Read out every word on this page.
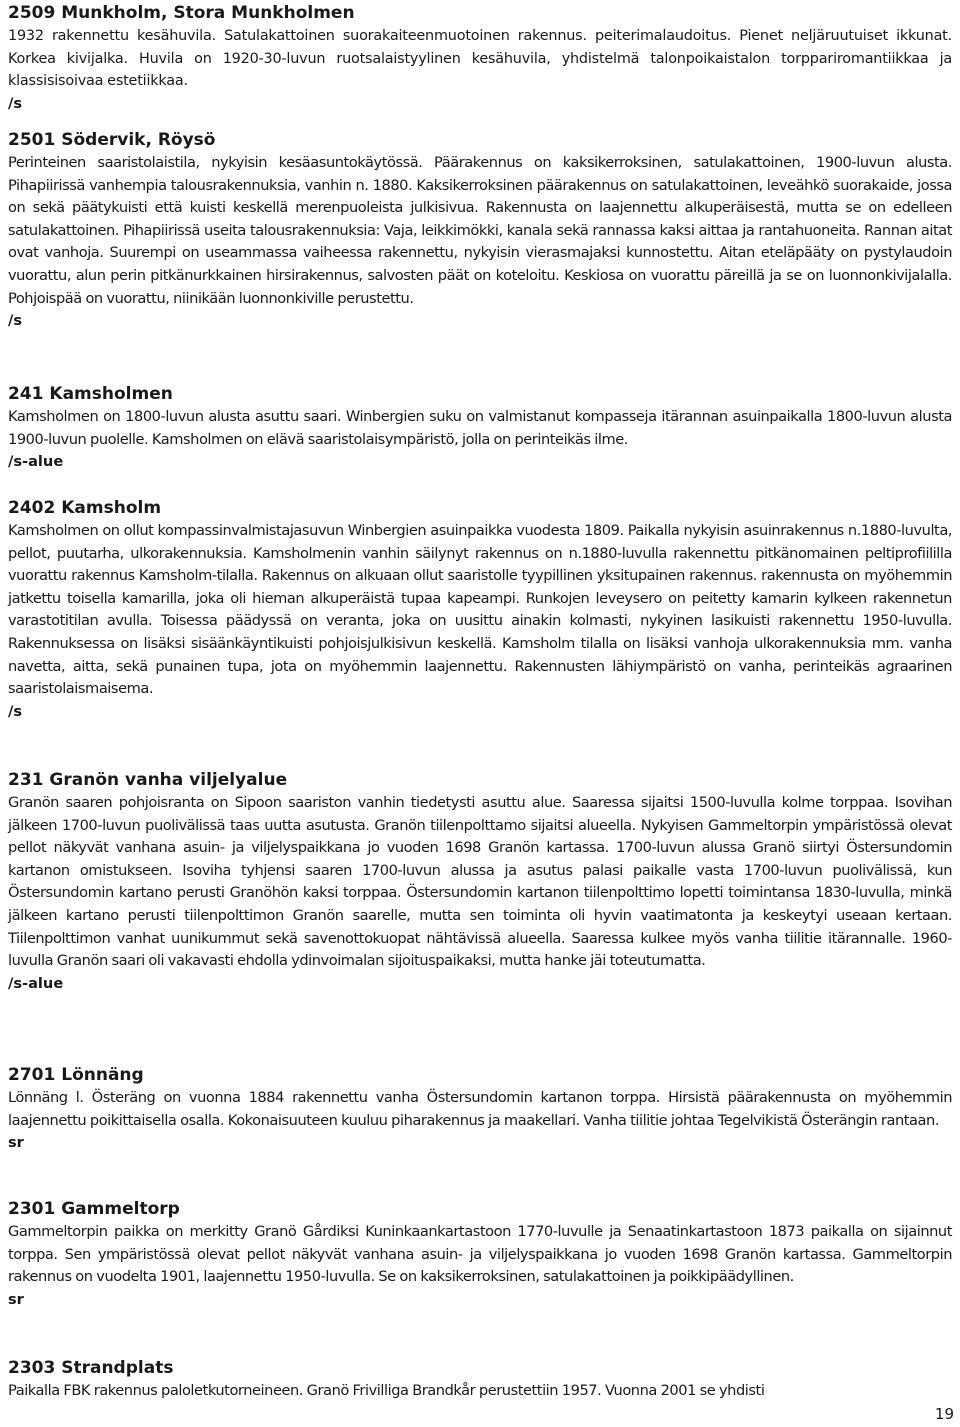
2509 Munkholm, Stora Munkholmen
1932 rakennettu kesähuvila. Satulakattoinen suorakaiteenmuotoinen rakennus. peiterimalaudoitus. Pienet neljäruutuiset ikkunat. Korkea kivijalka. Huvila on 1920-30-luvun ruotsalaistyylinen kesähuvila, yhdistelmä talonpoikaistalon torppariromantiikkaa ja klassisisoivaa estetiikkaa.
/s
2501 Södervik, Röysö
Perinteinen saaristolaistila, nykyisin kesäasuntokäytössä. Päärakennus on kaksikerroksinen, satulakattoinen, 1900-luvun alusta. Pihapiirissä vanhempia talousrakennuksia, vanhin n. 1880. Kaksikerroksinen päärakennus on satulakattoinen, leveähkö suorakaide, jossa on sekä päätykuisti että kuisti keskellä merenpuoleista julkisivua. Rakennusta on laajennettu alkuperäisestä, mutta se on edelleen satulakattoinen. Pihapiirissä useita talousrakennuksia: Vaja, leikkimökki, kanala sekä rannassa kaksi aittaa ja rantahuoneita. Rannan aitat ovat vanhoja. Suurempi on useammassa vaiheessa rakennettu, nykyisin vierasmajaksi kunnostettu. Aitan eteläpääty on pystylaudoin vuorattu, alun perin pitkänurkkainen hirsirakennus, salvosten päät on koteloitu. Keskiosa on vuorattu päreillä ja se on luonnonkivijalalla. Pohjoispää on vuorattu, niinikään luonnonkiville perustettu.
/s
241 Kamsholmen
Kamsholmen on 1800-luvun alusta asuttu saari. Winbergien suku on valmistanut kompasseja itärannan asuinpaikalla 1800-luvun alusta 1900-luvun puolelle. Kamsholmen on elävä saaristolaisympäristö, jolla on perinteikäs ilme.
/s-alue
2402 Kamsholm
Kamsholmen on ollut kompassinvalmistajasuvun Winbergien asuinpaikka vuodesta 1809. Paikalla nykyisin asuinrakennus n.1880-luvulta, pellot, puutarha, ulkorakennuksia. Kamsholmenin vanhin säilynyt rakennus on n.1880-luvulla rakennettu pitkänomainen peltiprofiililla vuorattu rakennus Kamsholm-tilalla. Rakennus on alkuaan ollut saaristolle tyypillinen yksitupainen rakennus. rakennusta on myöhemmin jatkettu toisella kamarilla, joka oli hieman alkuperäistä tupaa kapeampi. Runkojen leveysero on peitetty kamarin kylkeen rakennetun varastotitilan avulla. Toisessa päädyssä on veranta, joka on uusittu ainakin kolmasti, nykyinen lasikuisti rakennettu 1950-luvulla. Rakennuksessa on lisäksi sisäänkäyntikuisti pohjoisjulkisivun keskellä. Kamsholm tilalla on lisäksi vanhoja ulkorakennuksia mm. vanha navetta, aitta, sekä punainen tupa, jota on myöhemmin laajennettu. Rakennusten lähiympäristö on vanha, perinteikäs agraarinen saaristolaismaisema.
/s
231 Granön vanha viljelyalue
Granön saaren pohjoisranta on Sipoon saariston vanhin tiedetysti asuttu alue. Saaressa sijaitsi 1500-luvulla kolme torppaa. Isovihan jälkeen 1700-luvun puolivälissä taas uutta asutusta. Granön tiilenpolttamo sijaitsi alueella. Nykyisen Gammeltorpin ympäristössä olevat pellot näkyvät vanhana asuin- ja viljelyspaikkana jo vuoden 1698 Granön kartassa. 1700-luvun alussa Granö siirtyi Östersundomin kartanon omistukseen. Isoviha tyhjensi saaren 1700-luvun alussa ja asutus palasi paikalle vasta 1700-luvun puolivälissä, kun Östersundomin kartano perusti Granöhön kaksi torppaa. Östersundomin kartanon tiilenpolttimo lopetti toimintansa 1830-luvulla, minkä jälkeen kartano perusti tiilenpolttimon Granön saarelle, mutta sen toiminta oli hyvin vaatimatonta ja keskeytyi useaan kertaan. Tiilenpolttimon vanhat uunikummut sekä savenottokuopat nähtävissä alueella. Saaressa kulkee myös vanha tiilitie itärannalle. 1960-luvulla Granön saari oli vakavasti ehdolla ydinvoimalan sijoituspaikaksi, mutta hanke jäi toteutumatta.
/s-alue
2701 Lönnäng
Lönnäng l. Österäng on vuonna 1884 rakennettu vanha Östersundomin kartanon torppa. Hirsistä päärakennusta on myöhemmin laajennettu poikittaisella osalla. Kokonaisuuteen kuuluu piharakennus ja maakellari. Vanha tiilitie johtaa Tegelvikistä Österängin rantaan.
sr
2301 Gammeltorp
Gammeltorpin paikka on merkitty Granö Gårdiksi Kuninkaankartastoon 1770-luvulle ja Senaatinkartastoon 1873 paikalla on sijainnut torppa. Sen ympäristössä olevat pellot näkyvät vanhana asuin- ja viljelyspaikkana jo vuoden 1698 Granön kartassa. Gammeltorpin rakennus on vuodelta 1901, laajennettu 1950-luvulla. Se on kaksikerroksinen, satulakattoinen ja poikkipäädyllinen.
sr
2303 Strandplats
Paikalla FBK rakennus paloletkutorneineen. Granö Frivilliga Brandkår perustettiin 1957. Vuonna 2001 se yhdisti
19
